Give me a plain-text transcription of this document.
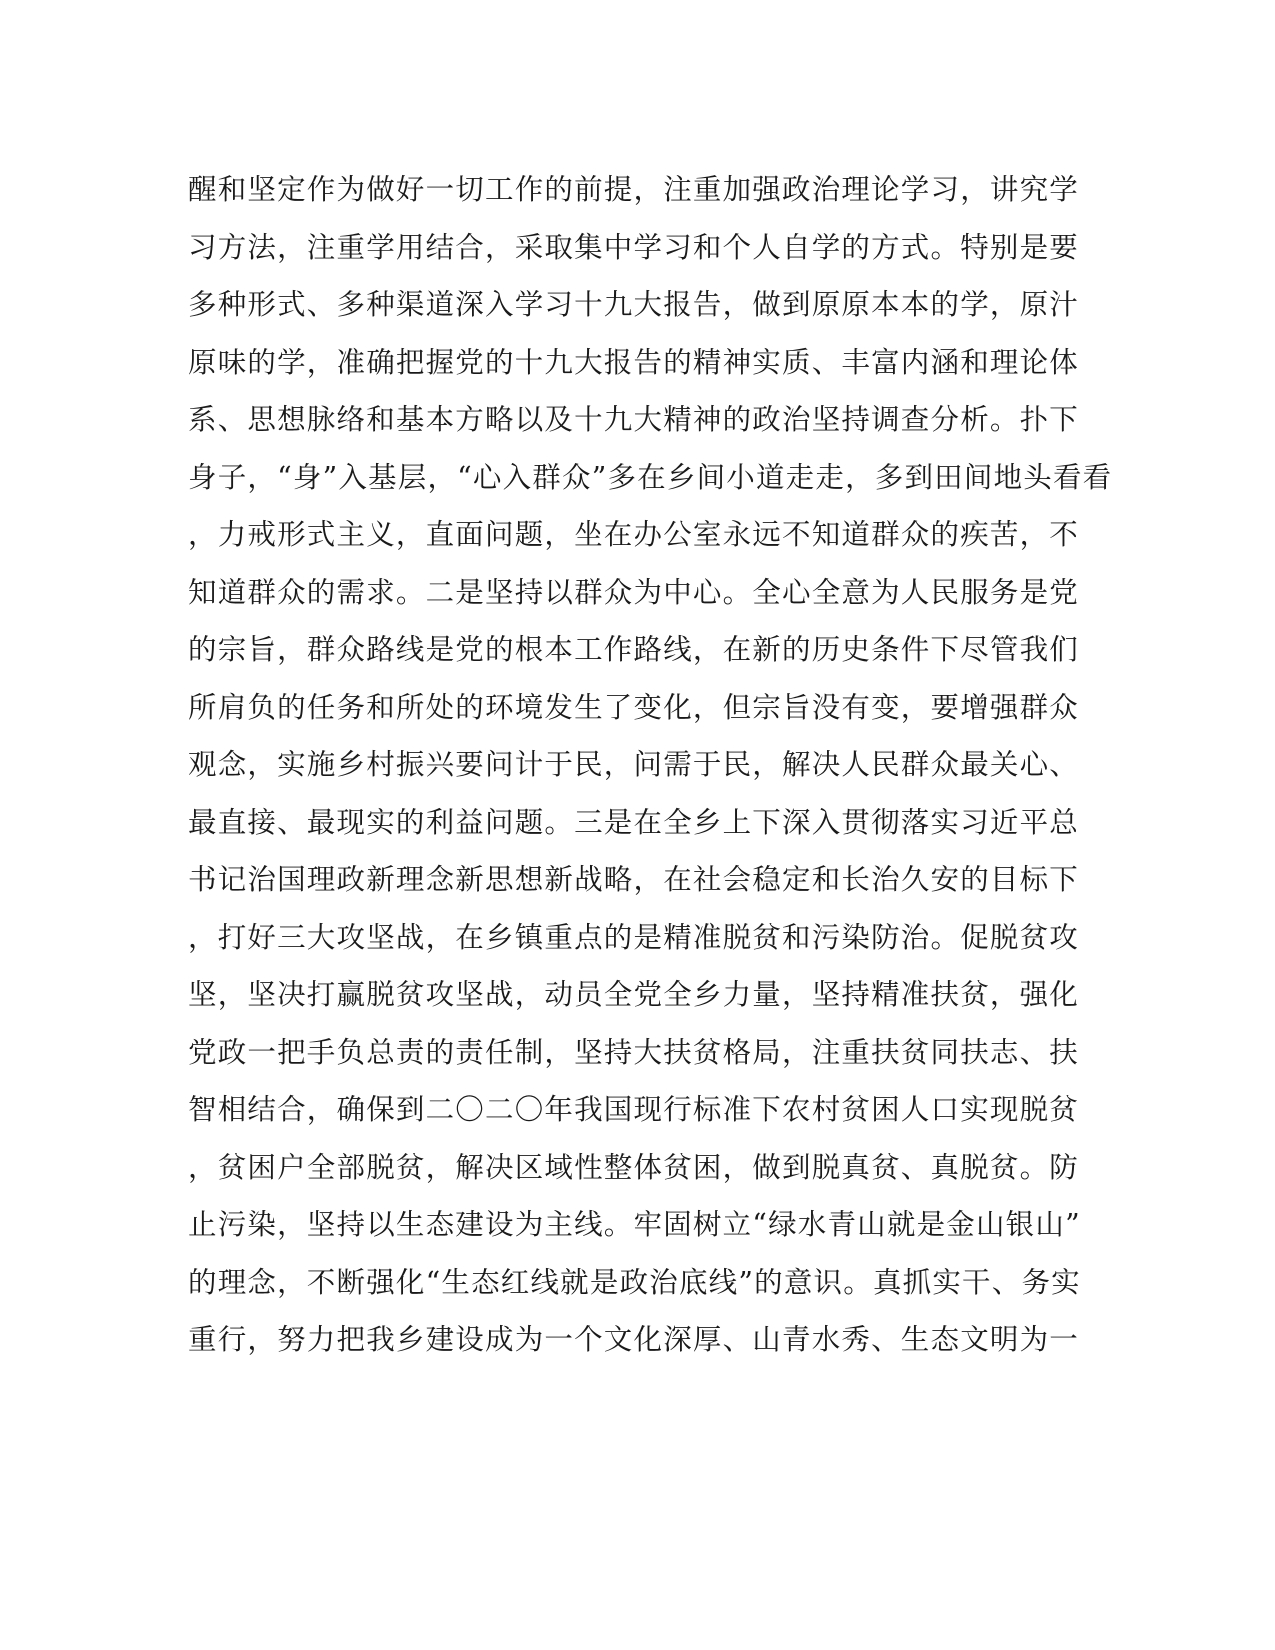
醒和坚定作为做好一切工作的前提，注重加强政治理论学习，讲究学
习方法，注重学用结合，采取集中学习和个人自学的方式。特别是要
多种形式、多种渠道深入学习十九大报告，做到原原本本的学，原汁
原味的学，准确把握党的十九大报告的精神实质、丰富内涵和理论体
系、思想脉络和基本方略以及十九大精神的政治坚持调查分析。扑下
身子，“身”入基层，“心入群众”多在乡间小道走走，多到田间地头看看
，力戒形式主义，直面问题，坐在办公室永远不知道群众的疾苦，不
知道群众的需求。二是坚持以群众为中心。全心全意为人民服务是党
的宗旨，群众路线是党的根本工作路线，在新的历史条件下尽管我们
所肩负的任务和所处的环境发生了变化，但宗旨没有变，要增强群众
观念，实施乡村振兴要问计于民，问需于民，解决人民群众最关心、
最直接、最现实的利益问题。三是在全乡上下深入贯彻落实习近平总
书记治国理政新理念新思想新战略，在社会稳定和长治久安的目标下
，打好三大攻坚战，在乡镇重点的是精准脱贫和污染防治。促脱贫攻
坚，坚决打赢脱贫攻坚战，动员全党全乡力量，坚持精准扶贫，强化
党政一把手负总责的责任制，坚持大扶贫格局，注重扶贫同扶志、扶
智相结合，确保到二〇二〇年我国现行标准下农村贫困人口实现脱贫
，贫困户全部脱贫，解决区域性整体贫困，做到脱真贫、真脱贫。防
止污染，坚持以生态建设为主线。牢固树立“绿水青山就是金山银山”
的理念，不断强化“生态红线就是政治底线”的意识。真抓实干、务实
重行，努力把我乡建设成为一个文化深厚、山青水秀、生态文明为一
